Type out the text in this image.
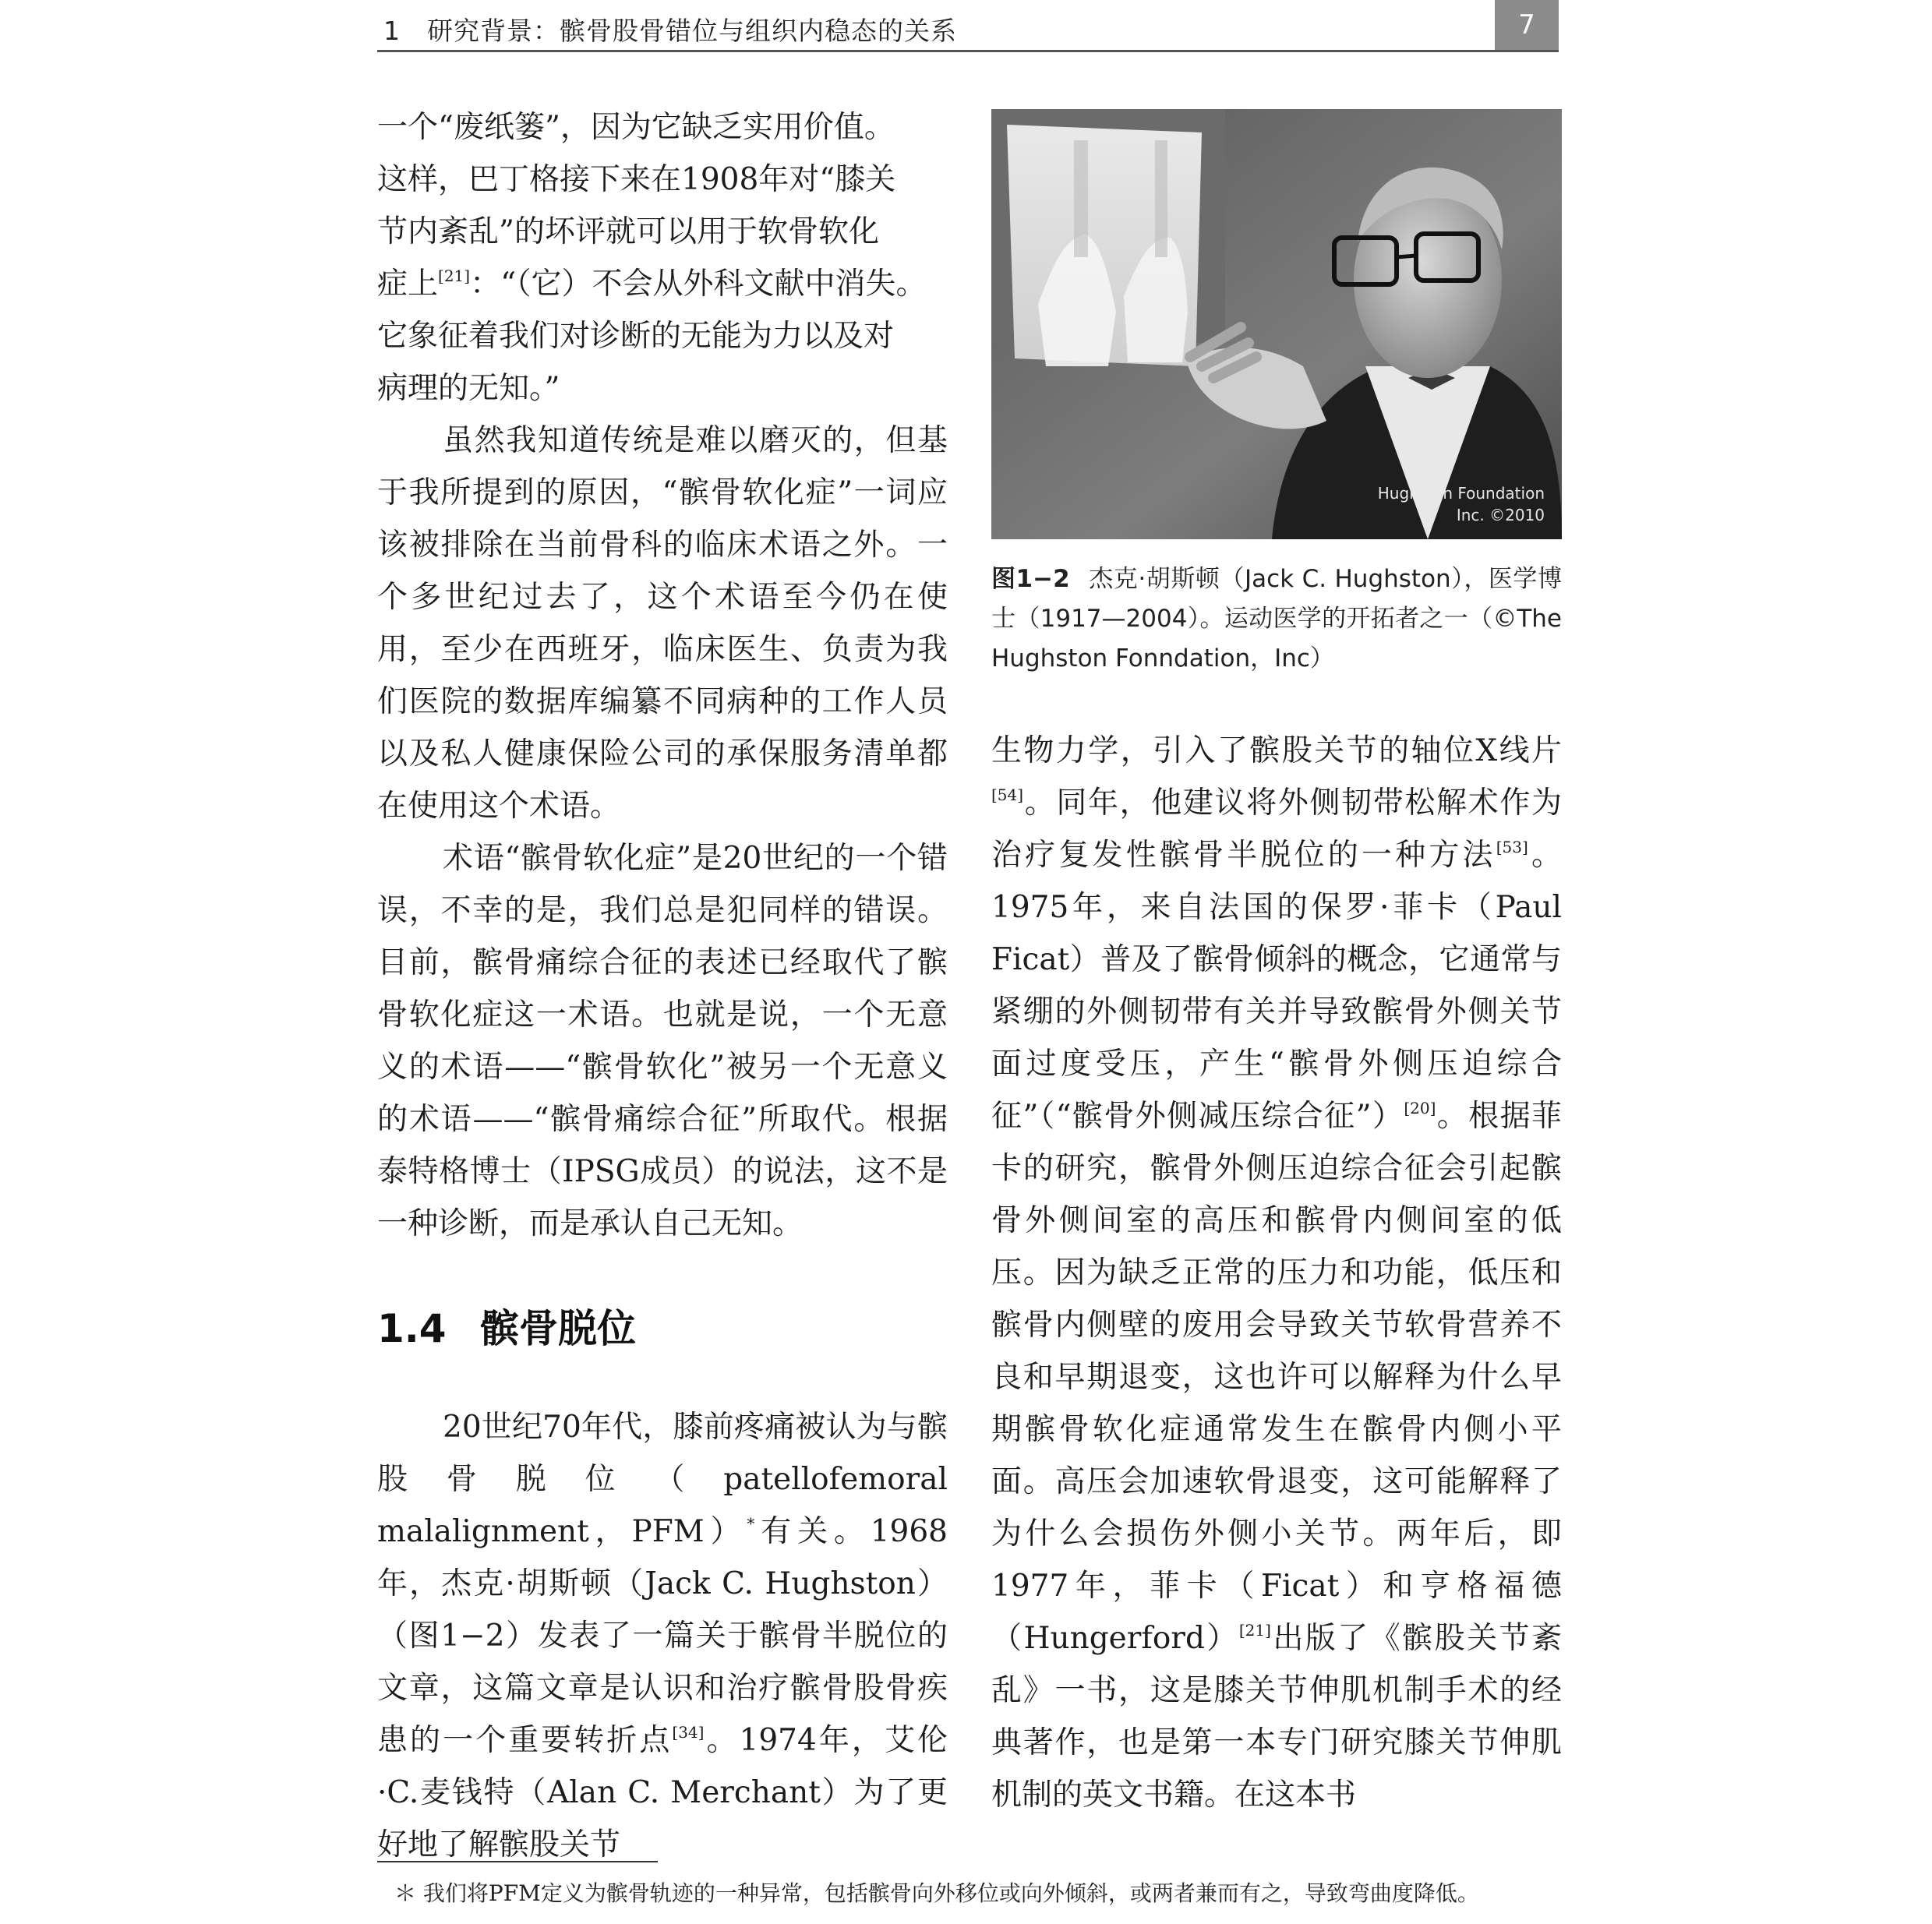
1　研究背景：髌骨股骨错位与组织内稳态的关系	7

一个“废纸篓”，因为它缺乏实用价值。
这样，巴丁格接下来在1908年对“膝关
节内紊乱”的坏评就可以用于软骨软化
症上[21]：“（它）不会从外科文献中消失。
它象征着我们对诊断的无能为力以及对
病理的无知。”

虽然我知道传统是难以磨灭的，但基于我所提到的原因，“髌骨软化症”一词应该被排除在当前骨科的临床术语之外。一个多世纪过去了，这个术语至今仍在使用，至少在西班牙，临床医生、负责为我们医院的数据库编纂不同病种的工作人员以及私人健康保险公司的承保服务清单都在使用这个术语。

术语“髌骨软化症”是20世纪的一个错误，不幸的是，我们总是犯同样的错误。目前，髌骨痛综合征的表述已经取代了髌骨软化症这一术语。也就是说，一个无意义的术语——“髌骨软化”被另一个无意义的术语——“髌骨痛综合征”所取代。根据泰特格博士（IPSG成员）的说法，这不是一种诊断，而是承认自己无知。

1.4 髌骨脱位

20世纪70年代，膝前疼痛被认为与髌股骨脱位（patellofemoral malalignment，PFM）*有关。1968年，杰克·胡斯顿（Jack C. Hughston）（图1−2）发表了一篇关于髌骨半脱位的文章，这篇文章是认识和治疗髌骨股骨疾患的一个重要转折点[34]。1974年，艾伦·C.麦钱特（Alan C. Merchant）为了更好地了解髌股关节

Hughston Foundation
Inc. ©2010
图1−2 杰克·胡斯顿（Jack C. Hughston），医学博士（1917—2004）。运动医学的开拓者之一（©The Hughston Fonndation，Inc）

生物力学，引入了髌股关节的轴位X线片[54]。同年，他建议将外侧韧带松解术作为治疗复发性髌骨半脱位的一种方法[53]。1975年，来自法国的保罗·菲卡（Paul Ficat）普及了髌骨倾斜的概念，它通常与紧绷的外侧韧带有关并导致髌骨外侧关节面过度受压，产生“髌骨外侧压迫综合征”（“髌骨外侧减压综合征”）[20]。根据菲卡的研究，髌骨外侧压迫综合征会引起髌骨外侧间室的高压和髌骨内侧间室的低压。因为缺乏正常的压力和功能，低压和髌骨内侧壁的废用会导致关节软骨营养不良和早期退变，这也许可以解释为什么早期髌骨软化症通常发生在髌骨内侧小平面。高压会加速软骨退变，这可能解释了为什么会损伤外侧小关节。两年后，即1977年，菲卡（Ficat）和亨格福德（Hungerford）[21]出版了《髌股关节紊乱》一书，这是膝关节伸肌机制手术的经典著作，也是第一本专门研究膝关节伸肌机制的英文书籍。在这本书

＊ 我们将PFM定义为髌骨轨迹的一种异常，包括髌骨向外移位或向外倾斜，或两者兼而有之，导致弯曲度降低。
